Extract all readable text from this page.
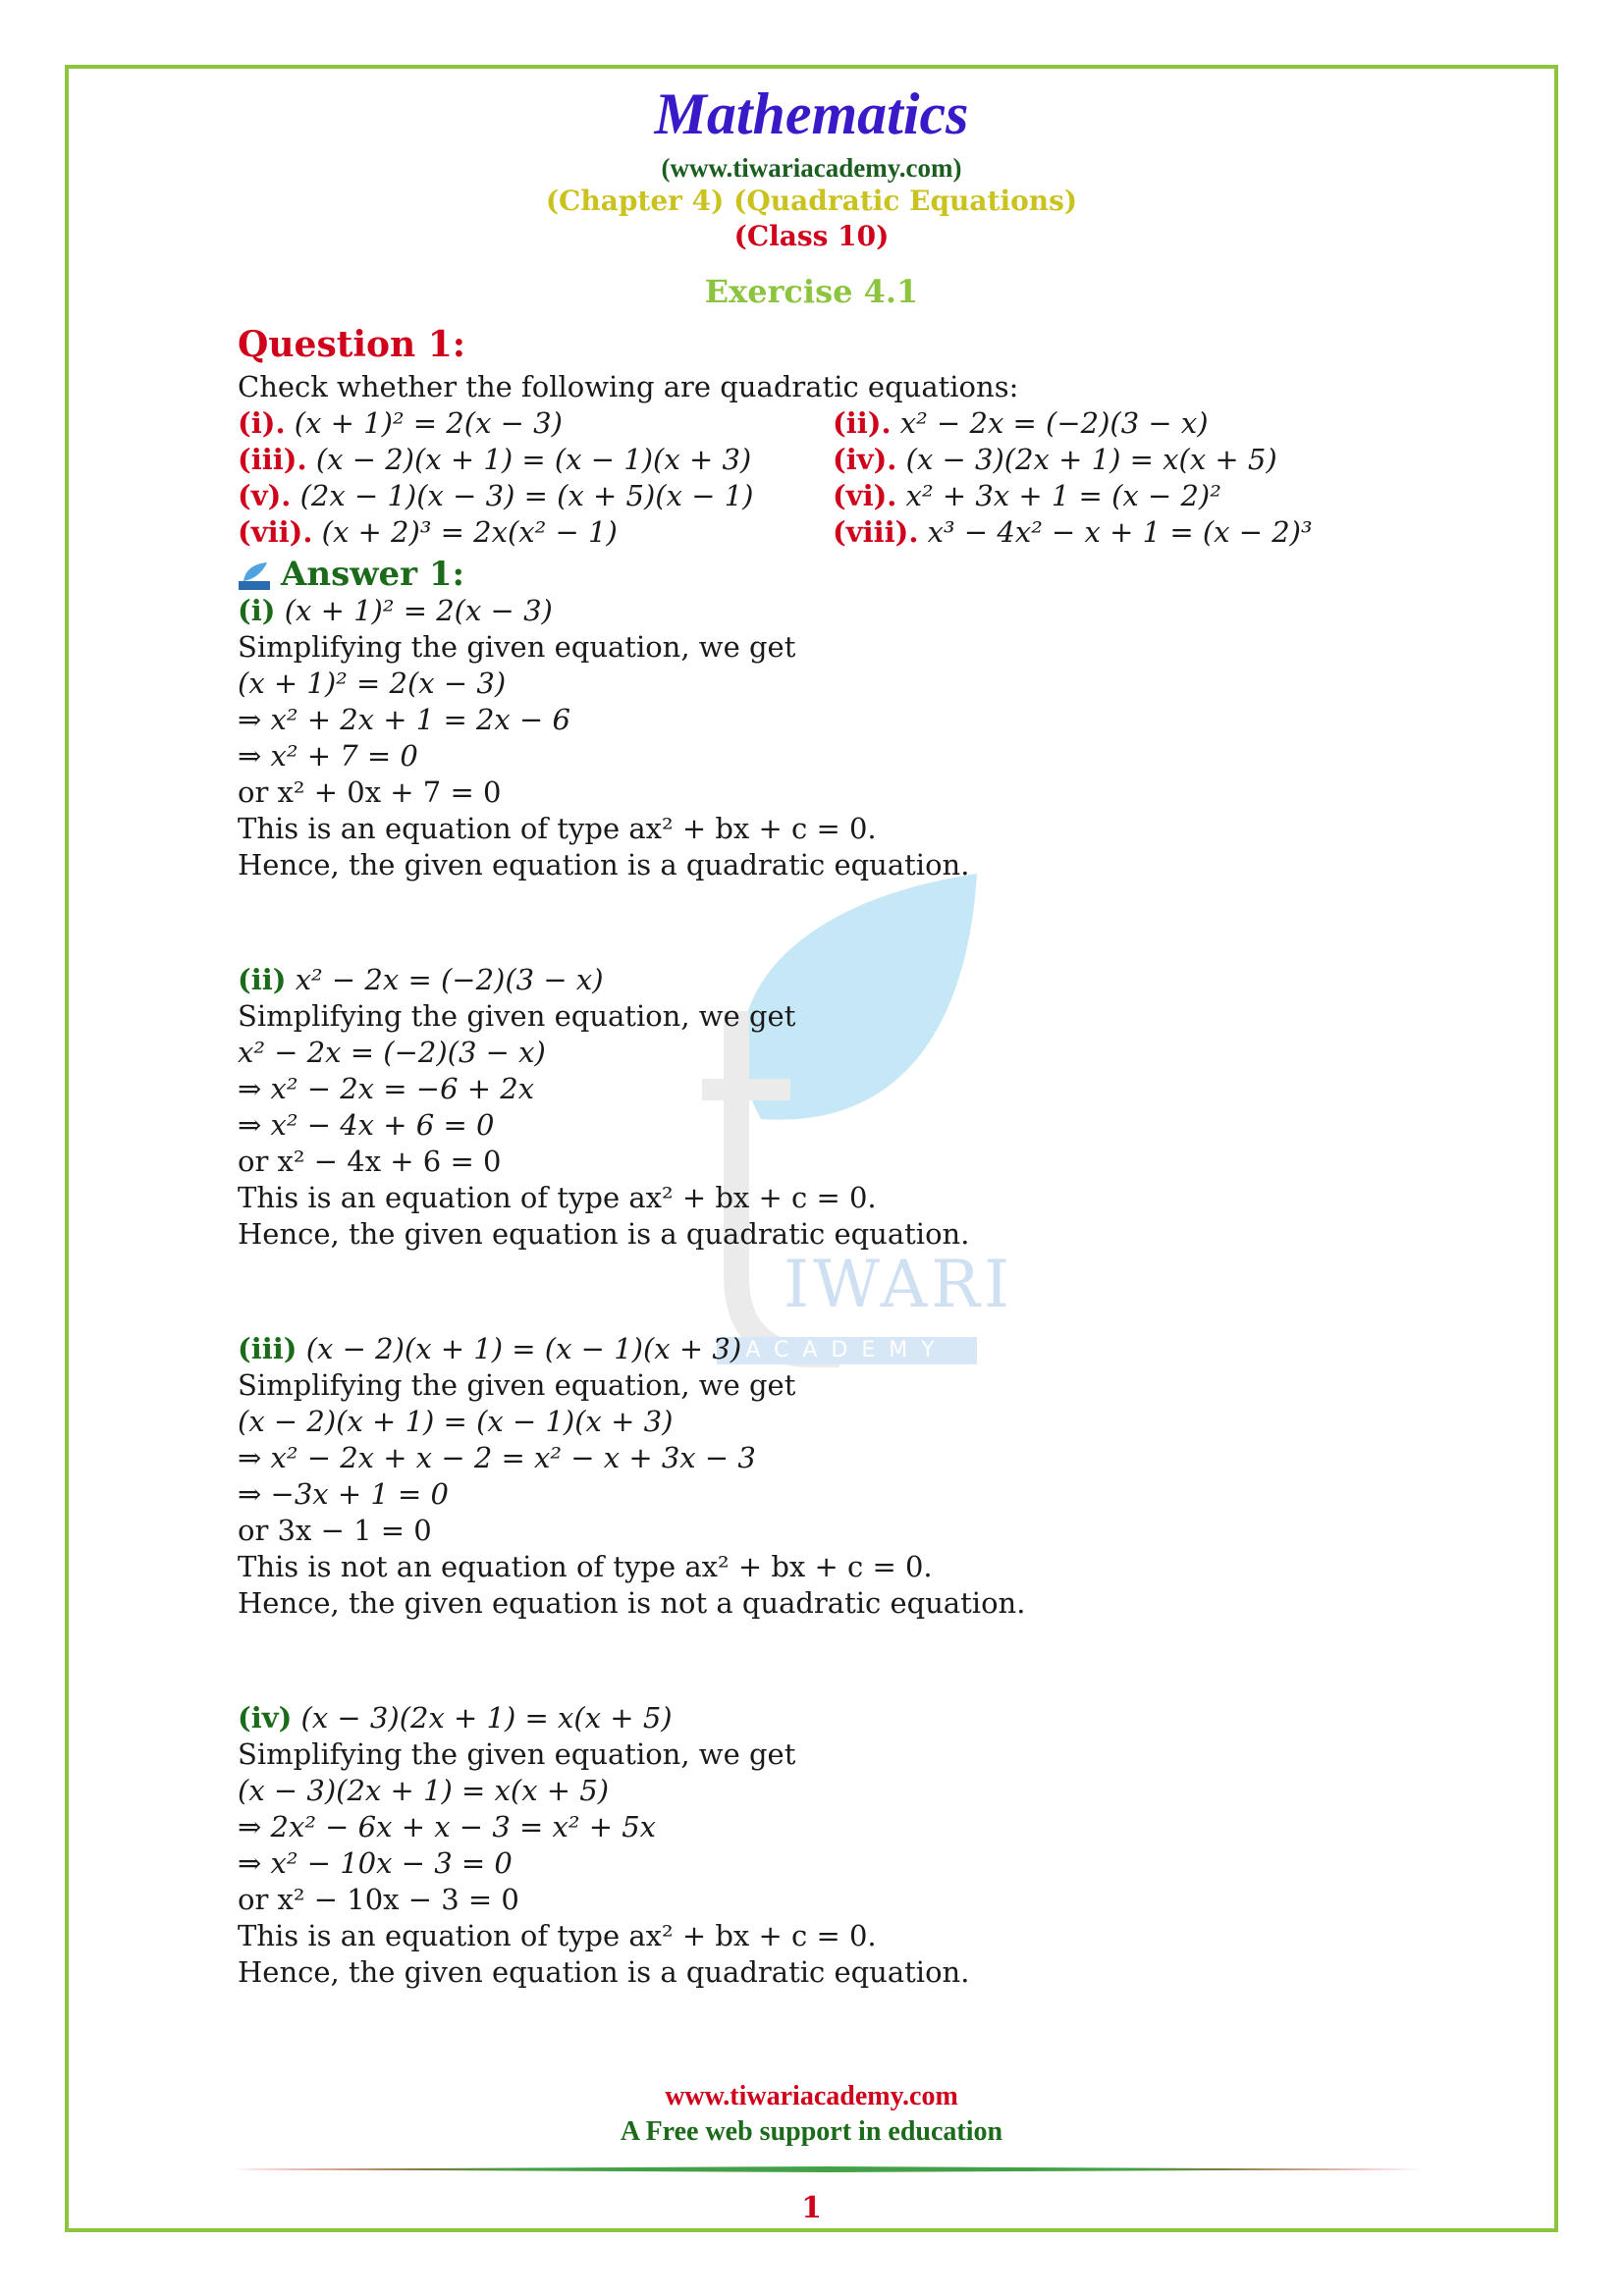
IWARI
ACADEMY
Mathematics
(www.tiwariacademy.com)
(Chapter 4) (Quadratic Equations)
(Class 10)
Exercise 4.1
Question 1:
Check whether the following are quadratic equations:
(i). (x + 1)² = 2(x − 3)	(ii). x² − 2x = (−2)(3 − x)
(iii). (x − 2)(x + 1) = (x − 1)(x + 3)	(iv). (x − 3)(2x + 1) = x(x + 5)
(v). (2x − 1)(x − 3) = (x + 5)(x − 1)	(vi). x² + 3x + 1 = (x − 2)²
(vii). (x + 2)³ = 2x(x² − 1)	(viii). x³ − 4x² − x + 1 = (x − 2)³
Answer 1:
(i) (x + 1)² = 2(x − 3)
Simplifying the given equation, we get
(x + 1)² = 2(x − 3)
⇒ x² + 2x + 1 = 2x − 6
⇒ x² + 7 = 0
or x² + 0x + 7 = 0
This is an equation of type ax² + bx + c = 0.
Hence, the given equation is a quadratic equation.
(ii) x² − 2x = (−2)(3 − x)
Simplifying the given equation, we get
x² − 2x = (−2)(3 − x)
⇒ x² − 2x = −6 + 2x
⇒ x² − 4x + 6 = 0
or x² − 4x + 6 = 0
This is an equation of type ax² + bx + c = 0.
Hence, the given equation is a quadratic equation.
(iii) (x − 2)(x + 1) = (x − 1)(x + 3)
Simplifying the given equation, we get
(x − 2)(x + 1) = (x − 1)(x + 3)
⇒ x² − 2x + x − 2 = x² − x + 3x − 3
⇒ −3x + 1 = 0
or 3x − 1 = 0
This is not an equation of type ax² + bx + c = 0.
Hence, the given equation is not a quadratic equation.
(iv) (x − 3)(2x + 1) = x(x + 5)
Simplifying the given equation, we get
(x − 3)(2x + 1) = x(x + 5)
⇒ 2x² − 6x + x − 3 = x² + 5x
⇒ x² − 10x − 3 = 0
or x² − 10x − 3 = 0
This is an equation of type ax² + bx + c = 0.
Hence, the given equation is a quadratic equation.
www.tiwariacademy.com
A Free web support in education
1
